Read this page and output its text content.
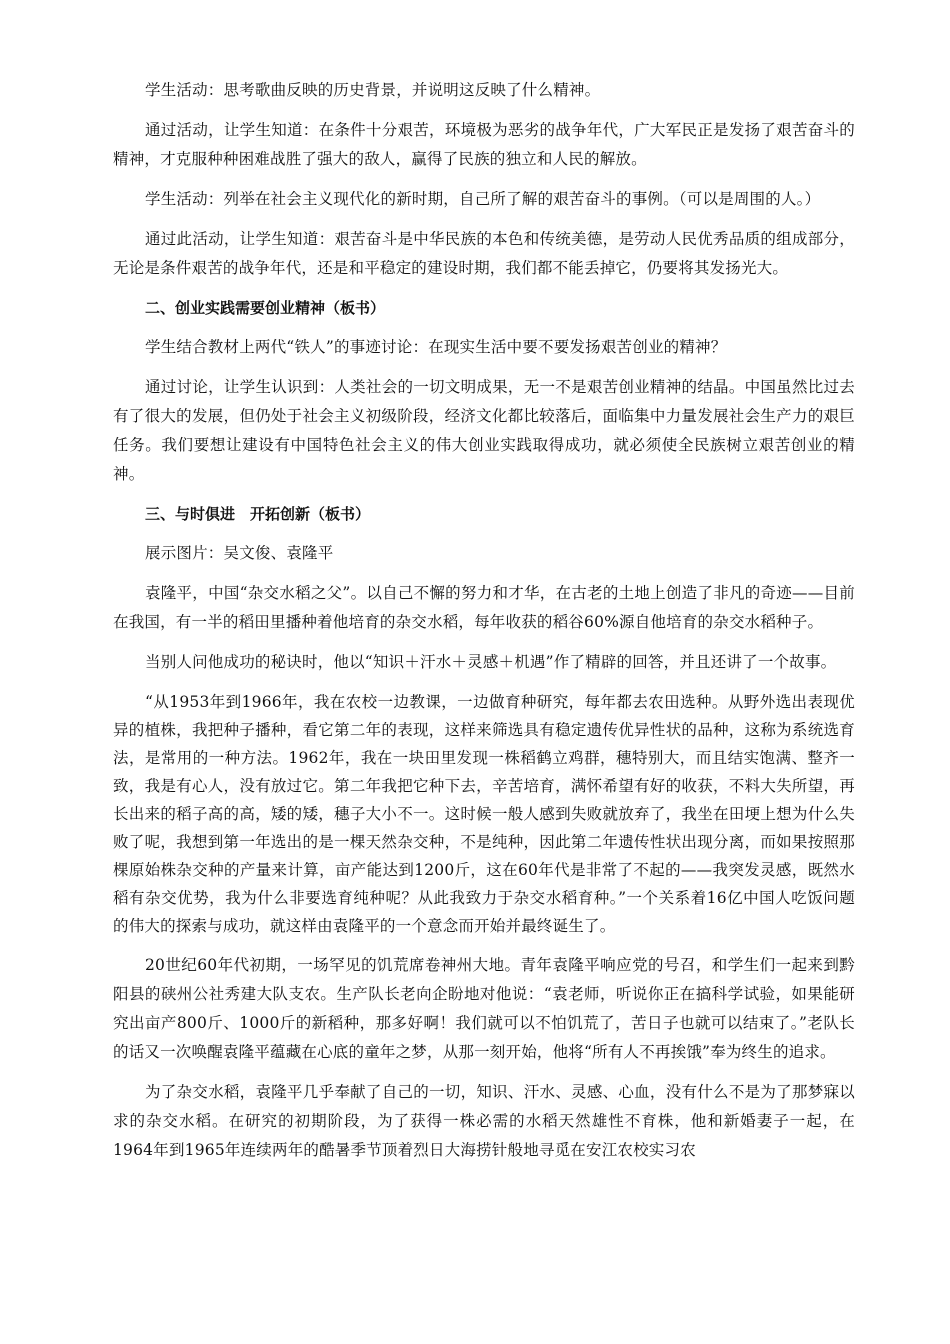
学生活动：思考歌曲反映的历史背景，并说明这反映了什么精神。

通过活动，让学生知道：在条件十分艰苦，环境极为恶劣的战争年代，广大军民正是发扬了艰苦奋斗的精神，才克服种种困难战胜了强大的敌人，赢得了民族的独立和人民的解放。

学生活动：列举在社会主义现代化的新时期，自己所了解的艰苦奋斗的事例。（可以是周围的人。）

通过此活动，让学生知道：艰苦奋斗是中华民族的本色和传统美德，是劳动人民优秀品质的组成部分，无论是条件艰苦的战争年代，还是和平稳定的建设时期，我们都不能丢掉它，仍要将其发扬光大。

二、创业实践需要创业精神（板书）

学生结合教材上两代“铁人”的事迹讨论：在现实生活中要不要发扬艰苦创业的精神？

通过讨论，让学生认识到：人类社会的一切文明成果，无一不是艰苦创业精神的结晶。中国虽然比过去有了很大的发展，但仍处于社会主义初级阶段，经济文化都比较落后，面临集中力量发展社会生产力的艰巨任务。我们要想让建设有中国特色社会主义的伟大创业实践取得成功，就必须使全民族树立艰苦创业的精神。

三、与时俱进　开拓创新（板书）

展示图片：吴文俊、袁隆平

袁隆平，中国“杂交水稻之父”。以自己不懈的努力和才华，在古老的土地上创造了非凡的奇迹——目前在我国，有一半的稻田里播种着他培育的杂交水稻，每年收获的稻谷60%源自他培育的杂交水稻种子。

当别人问他成功的秘诀时，他以“知识＋汗水＋灵感＋机遇”作了精辟的回答，并且还讲了一个故事。

“从1953年到1966年，我在农校一边教课，一边做育种研究，每年都去农田选种。从野外选出表现优异的植株，我把种子播种，看它第二年的表现，这样来筛选具有稳定遗传优异性状的品种，这称为系统选育法，是常用的一种方法。1962年，我在一块田里发现一株稻鹤立鸡群，穗特别大，而且结实饱满、整齐一致，我是有心人，没有放过它。第二年我把它种下去，辛苦培育，满怀希望有好的收获，不料大失所望，再长出来的稻子高的高，矮的矮，穗子大小不一。这时候一般人感到失败就放弃了，我坐在田埂上想为什么失败了呢，我想到第一年选出的是一棵天然杂交种，不是纯种，因此第二年遗传性状出现分离，而如果按照那棵原始株杂交种的产量来计算，亩产能达到1200斤，这在60年代是非常了不起的——我突发灵感，既然水稻有杂交优势，我为什么非要选育纯种呢？从此我致力于杂交水稻育种。”一个关系着16亿中国人吃饭问题的伟大的探索与成功，就这样由袁隆平的一个意念而开始并最终诞生了。

20世纪60年代初期，一场罕见的饥荒席卷神州大地。青年袁隆平响应党的号召，和学生们一起来到黔阳县的硖州公社秀建大队支农。生产队长老向企盼地对他说：“袁老师，听说你正在搞科学试验，如果能研究出亩产800斤、1000斤的新稻种，那多好啊！我们就可以不怕饥荒了，苦日子也就可以结束了。”老队长的话又一次唤醒袁隆平蕴藏在心底的童年之梦，从那一刻开始，他将“所有人不再挨饿”奉为终生的追求。

为了杂交水稻，袁隆平几乎奉献了自己的一切，知识、汗水、灵感、心血，没有什么不是为了那梦寐以求的杂交水稻。在研究的初期阶段，为了获得一株必需的水稻天然雄性不育株，他和新婚妻子一起，在1964年到1965年连续两年的酷暑季节顶着烈日大海捞针般地寻觅在安江农校实习农
